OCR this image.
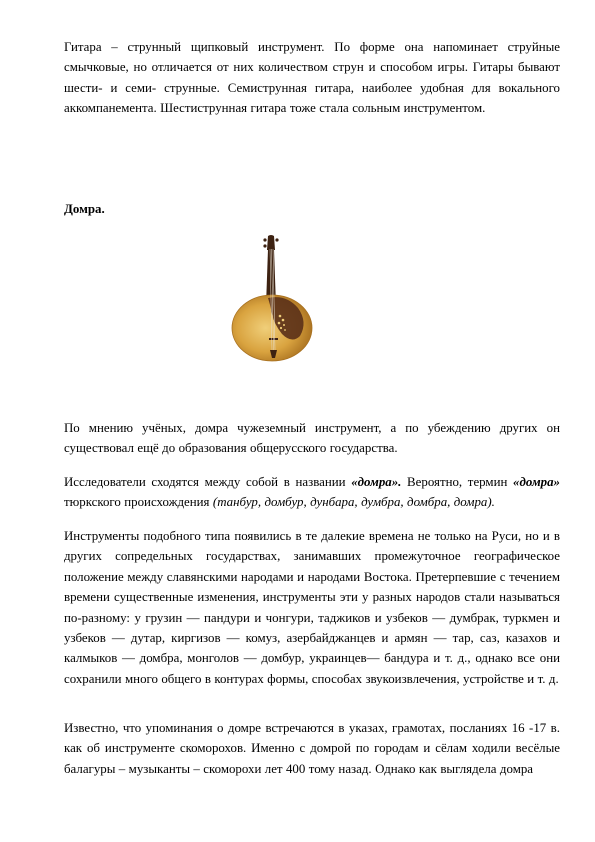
Гитара – струнный щипковый инструмент. По форме она напоминает струйные смычковые, но отличается от них количеством струн и способом игры. Гитары бывают шести- и семи- струнные. Семиструнная гитара, наиболее удобная для вокального аккомпанемента. Шестиструнная гитара тоже стала сольным инструментом.

Домра.

По мнению учёных, домра чужеземный инструмент, а по убеждению других он существовал ещё до образования общерусского государства.

Исследователи сходятся между собой в названии «домра». Вероятно, термин «домра» тюркского происхождения (танбур, домбур, дунбара, думбра, домбра, домра).

Инструменты подобного типа появились в те далекие времена не только на Руси, но и в других сопредельных государствах, занимавших промежуточное географическое положение между славянскими народами и народами Востока. Претерпевшие с течением времени существенные изменения, инструменты эти у разных народов стали называться по-разному: у грузин — пандури и чонгури, таджиков и узбеков — думбрак, туркмен и узбеков — дутар, киргизов — комуз, азербайджанцев и армян — тар, саз, казахов и калмыков — домбра, монголов — домбур, украинцев— бандура и т. д., однако все они сохранили много общего в контурах формы, способах звукоизвлечения, устройстве и т. д.

Известно, что упоминания о домре встречаются в указах, грамотах, посланиях 16 -17 в. как об инструменте скоморохов. Именно с домрой по городам и сёлам ходили весёлые балагуры – музыканты – скоморохи лет 400 тому назад. Однако как выглядела домра
